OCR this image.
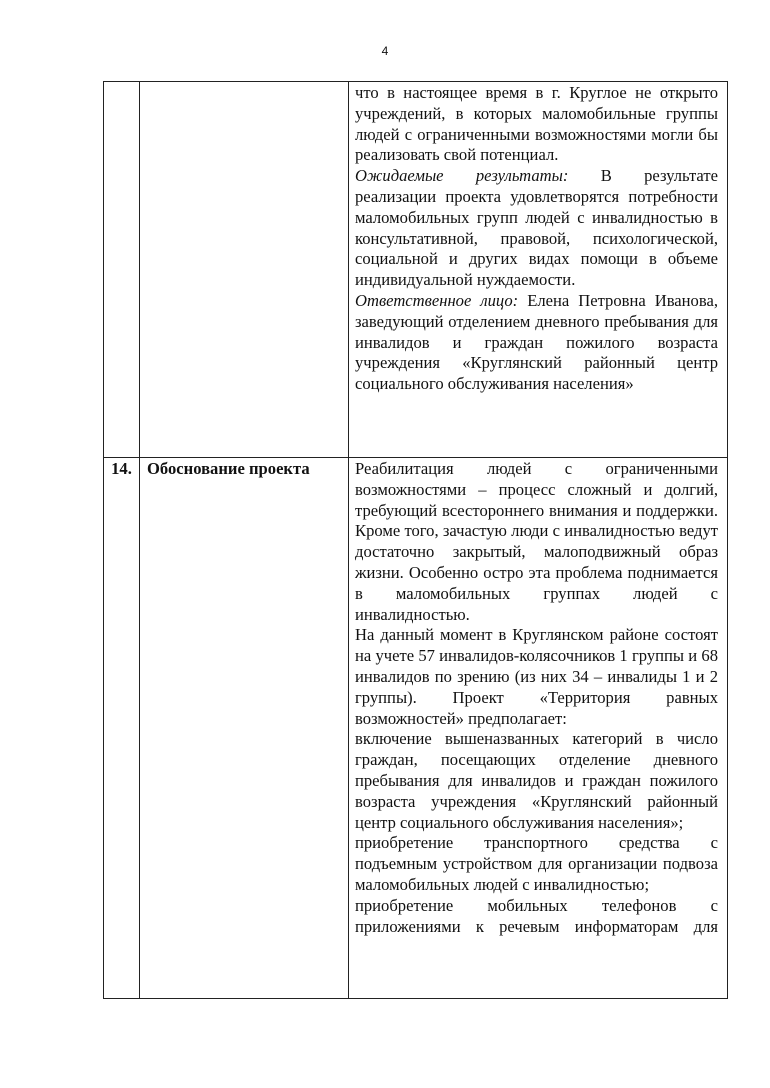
4

		что в настоящее время в г. Круглое не открыто учреждений, в которых маломобильные группы людей с ограниченными возможностями могли бы реализовать свой потенциал.

Ожидаемые результаты: В результате реализации проекта удовлетворятся потребности маломобильных групп людей с инвалидностью в консультативной, правовой, психологической, социальной и других видах помощи в объеме индивидуальной нуждаемости.

Ответственное лицо: Елена Петровна Иванова, заведующий отделением дневного пребывания для инвалидов и граждан пожилого возраста учреждения «Круглянский районный центр социального обслуживания населения»

14.	Обоснование проекта	Реабилитация людей с ограниченными возможностями – процесс сложный и долгий, требующий всестороннего внимания и поддержки. Кроме того, зачастую люди с инвалидностью ведут достаточно закрытый, малоподвижный образ жизни. Особенно остро эта проблема поднимается в маломобильных группах людей с инвалидностью.

На данный момент в Круглянском районе состоят на учете 57 инвалидов-колясочников 1 группы и 68 инвалидов по зрению (из них 34 – инвалиды 1 и 2 группы). Проект «Территория равных возможностей» предполагает:

включение вышеназванных категорий в число граждан, посещающих отделение дневного пребывания для инвалидов и граждан пожилого возраста учреждения «Круглянский районный центр социального обслуживания населения»;

приобретение транспортного средства с подъемным устройством для организации подвоза маломобильных людей с инвалидностью;

приобретение мобильных телефонов с приложениями к речевым информаторам для
